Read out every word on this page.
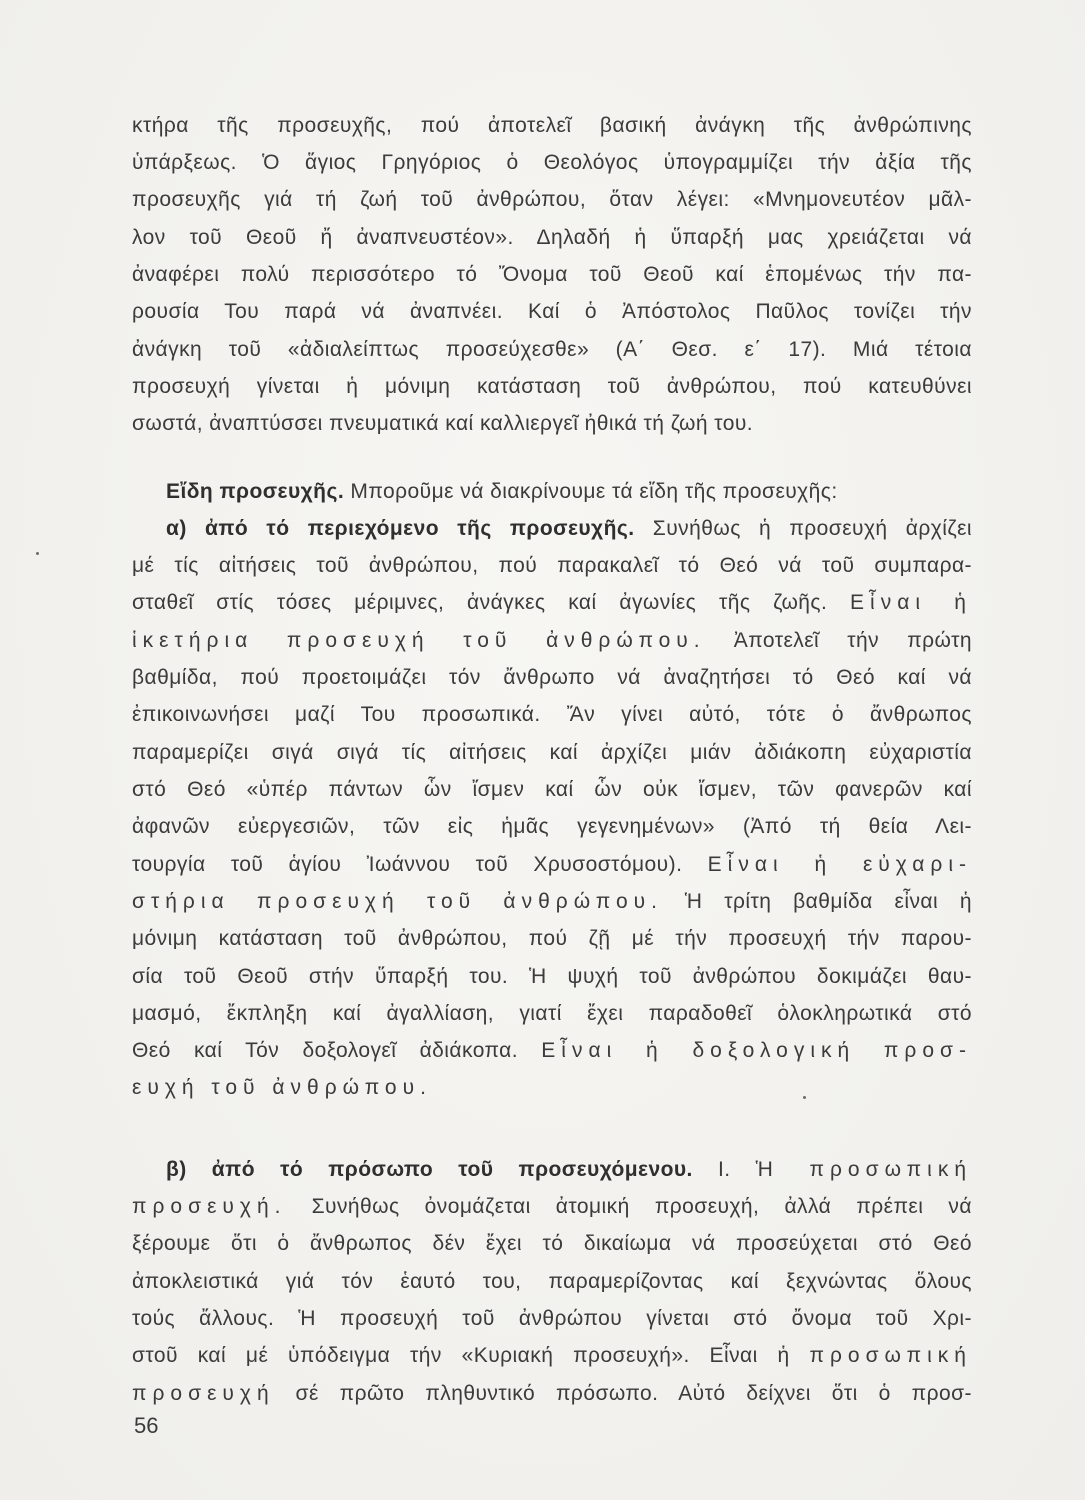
κτήρα τῆς προσευχῆς, πού ἀποτελεῖ βασική ἀνάγκη τῆς ἀνθρώπινης

ὑπάρξεως. Ὁ ἅγιος Γρηγόριος ὁ Θεολόγος ὑπογραμμίζει τήν ἀξία τῆς

προσευχῆς γιά τή ζωή τοῦ ἀνθρώπου, ὅταν λέγει: «Μνημονευτέον μᾶλ-

λον τοῦ Θεοῦ ἤ ἀναπνευστέον». Δηλαδή ἡ ὕπαρξή μας χρειάζεται νά

ἀναφέρει πολύ περισσότερο τό Ὄνομα τοῦ Θεοῦ καί ἑπομένως τήν πα-

ρουσία Του παρά νά ἀναπνέει. Καί ὁ Ἀπόστολος Παῦλος τονίζει τήν

ἀνάγκη τοῦ «ἀδιαλείπτως προσεύχεσθε» (Α΄ Θεσ. ε΄ 17). Μιά τέτοια

προσευχή γίνεται ἡ μόνιμη κατάσταση τοῦ ἀνθρώπου, πού κατευθύνει

σωστά, ἀναπτύσσει πνευματικά καί καλλιεργεῖ ἠθικά τή ζωή του.

Εἴδη προσευχῆς. Μποροῦμε νά διακρίνουμε τά εἴδη τῆς προσευχῆς:

α) ἀπό τό περιεχόμενο τῆς προσευχῆς. Συνήθως ἡ προσευχή ἀρχίζει

μέ τίς αἰτήσεις τοῦ ἀνθρώπου, πού παρακαλεῖ τό Θεό νά τοῦ συμπαρα-

σταθεῖ στίς τόσες μέριμνες, ἀνάγκες καί ἀγωνίες τῆς ζωῆς. Εἶναι ἡ

ἱκετήρια προσευχή τοῦ ἀνθρώπου. Ἀποτελεῖ τήν πρώτη

βαθμίδα, πού προετοιμάζει τόν ἄνθρωπο νά ἀναζητήσει τό Θεό καί νά

ἐπικοινωνήσει μαζί Του προσωπικά. Ἄν γίνει αὐτό, τότε ὁ ἄνθρωπος

παραμερίζει σιγά σιγά τίς αἰτήσεις καί ἀρχίζει μιάν ἀδιάκοπη εὐχαριστία

στό Θεό «ὑπέρ πάντων ὧν ἴσμεν καί ὧν οὐκ ἴσμεν, τῶν φανερῶν καί

ἀφανῶν εὐεργεσιῶν, τῶν εἰς ἡμᾶς γεγενημένων» (Ἀπό τή θεία Λει-

τουργία τοῦ ἁγίου Ἰωάννου τοῦ Χρυσοστόμου). Εἶναι ἡ εὐχαρι-

στήρια προσευχή τοῦ ἀνθρώπου. Ἡ τρίτη βαθμίδα εἶναι ἡ

μόνιμη κατάσταση τοῦ ἀνθρώπου, πού ζῇ μέ τήν προσευχή τήν παρου-

σία τοῦ Θεοῦ στήν ὕπαρξή του. Ἡ ψυχή τοῦ ἀνθρώπου δοκιμάζει θαυ-

μασμό, ἔκπληξη καί ἀγαλλίαση, γιατί ἔχει παραδοθεῖ ὁλοκληρωτικά στό

Θεό καί Τόν δοξολογεῖ ἀδιάκοπα. Εἶναι ἡ δοξολογική προσ-

ευχή τοῦ ἀνθρώπου.

β) ἀπό τό πρόσωπο τοῦ προσευχόμενου. Ι. Ἡ προσωπική

προσευχή. Συνήθως ὀνομάζεται ἀτομική προσευχή, ἀλλά πρέπει νά

ξέρουμε ὅτι ὁ ἄνθρωπος δέν ἔχει τό δικαίωμα νά προσεύχεται στό Θεό

ἀποκλειστικά γιά τόν ἑαυτό του, παραμερίζοντας καί ξεχνώντας ὅλους

τούς ἄλλους. Ἡ προσευχή τοῦ ἀνθρώπου γίνεται στό ὄνομα τοῦ Χρι-

στοῦ καί μέ ὑπόδειγμα τήν «Κυριακή προσευχή». Εἶναι ἡ προσωπική

προσευχή σέ πρῶτο πληθυντικό πρόσωπο. Αὐτό δείχνει ὅτι ὁ προσ-

56
